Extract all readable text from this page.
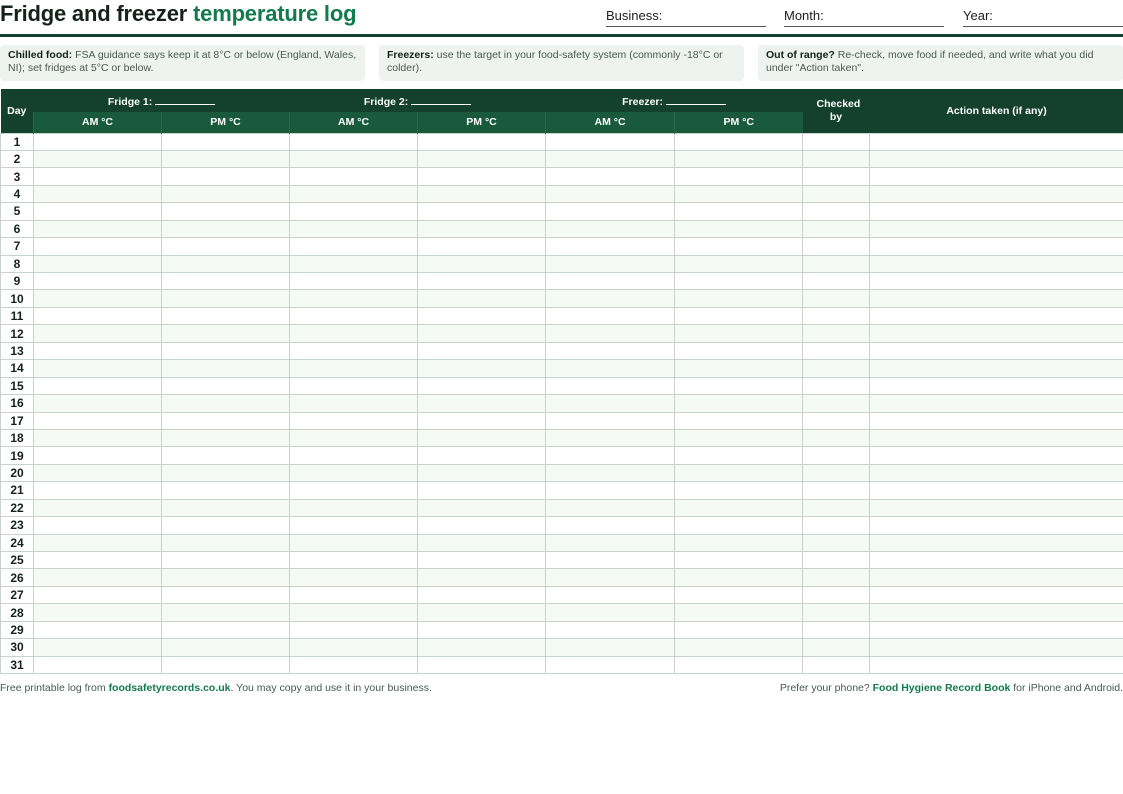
Fridge and freezer temperature log	Business:	Month:	Year:
Chilled food: FSA guidance says keep it at 8°C or below (England, Wales, NI); set fridges at 5°C or below.
Freezers: use the target in your food-safety system (commonly -18°C or colder).
Out of range? Re-check, move food if needed, and write what you did under "Action taken".
Day	Fridge 1:		Fridge 2:		Freezer:		Checked by	Action taken (if any)
	AM °C	PM °C	AM °C	PM °C	AM °C	PM °C		
1								
2								
3								
4								
5								
6								
7								
8								
9								
10								
11								
12								
13								
14								
15								
16								
17								
18								
19								
20								
21								
22								
23								
24								
25								
26								
27								
28								
29								
30								
31								
Free printable log from foodsafetyrecords.co.uk. You may copy and use it in your business.	Prefer your phone? Food Hygiene Record Book for iPhone and Android.
